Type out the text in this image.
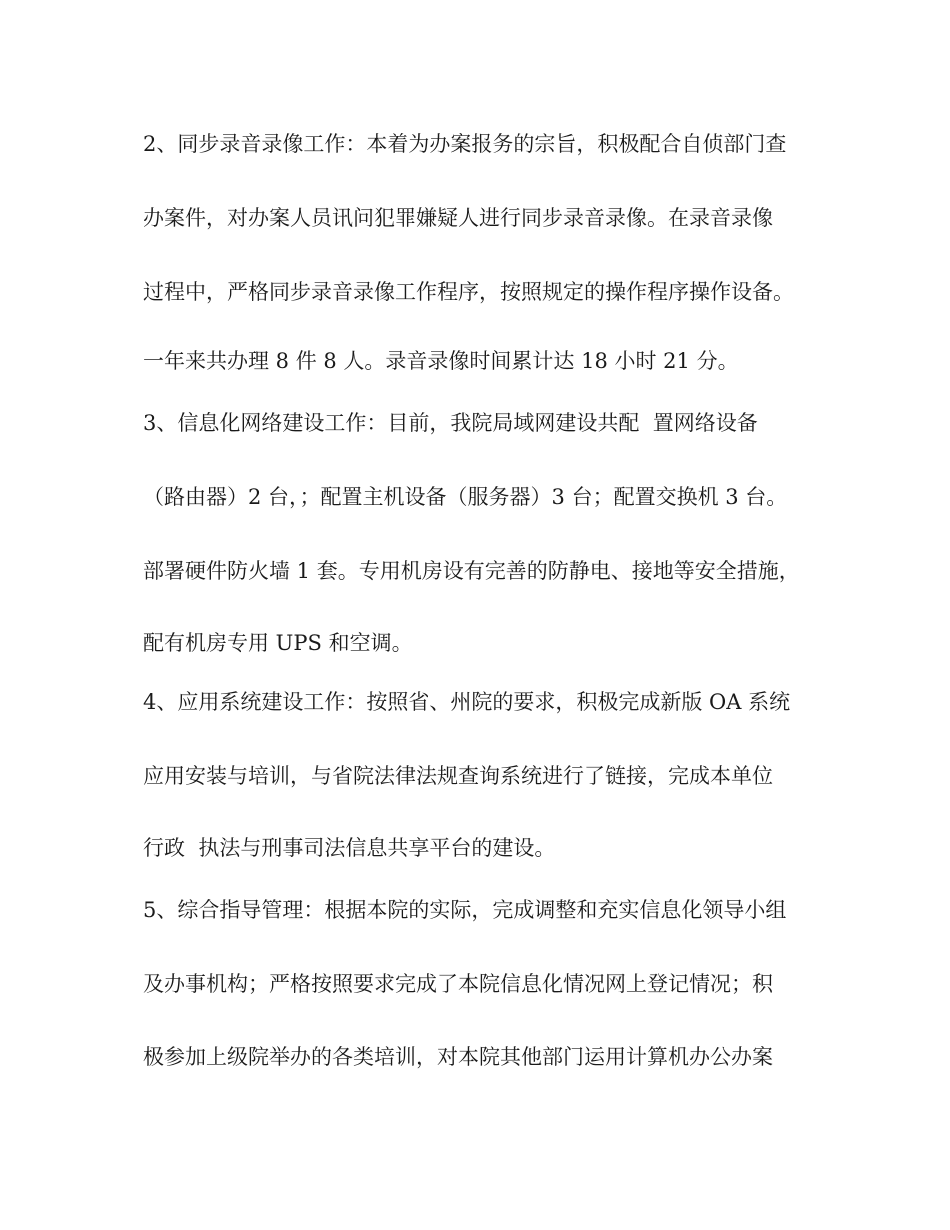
2、同步录音录像工作：本着为办案报务的宗旨，积极配合自侦部门查
办案件，对办案人员讯问犯罪嫌疑人进行同步录音录像。在录音录像
过程中，严格同步录音录像工作程序，按照规定的操作程序操作设备。
一年来共办理 8 件 8 人。录音录像时间累计达 18 小时 21 分。
3、信息化网络建设工作：目前，我院局域网建设共配  置网络设备
（路由器）2 台，；配置主机设备（服务器）3 台；配置交换机 3 台。
部署硬件防火墙 1 套。专用机房设有完善的防静电、接地等安全措施，
配有机房专用 UPS 和空调。
4、应用系统建设工作：按照省、州院的要求，积极完成新版 OA 系统
应用安装与培训，与省院法律法规查询系统进行了链接，完成本单位
行政  执法与刑事司法信息共享平台的建设。
5、综合指导管理：根据本院的实际，完成调整和充实信息化领导小组
及办事机构；严格按照要求完成了本院信息化情况网上登记情况；积
极参加上级院举办的各类培训，对本院其他部门运用计算机办公办案
